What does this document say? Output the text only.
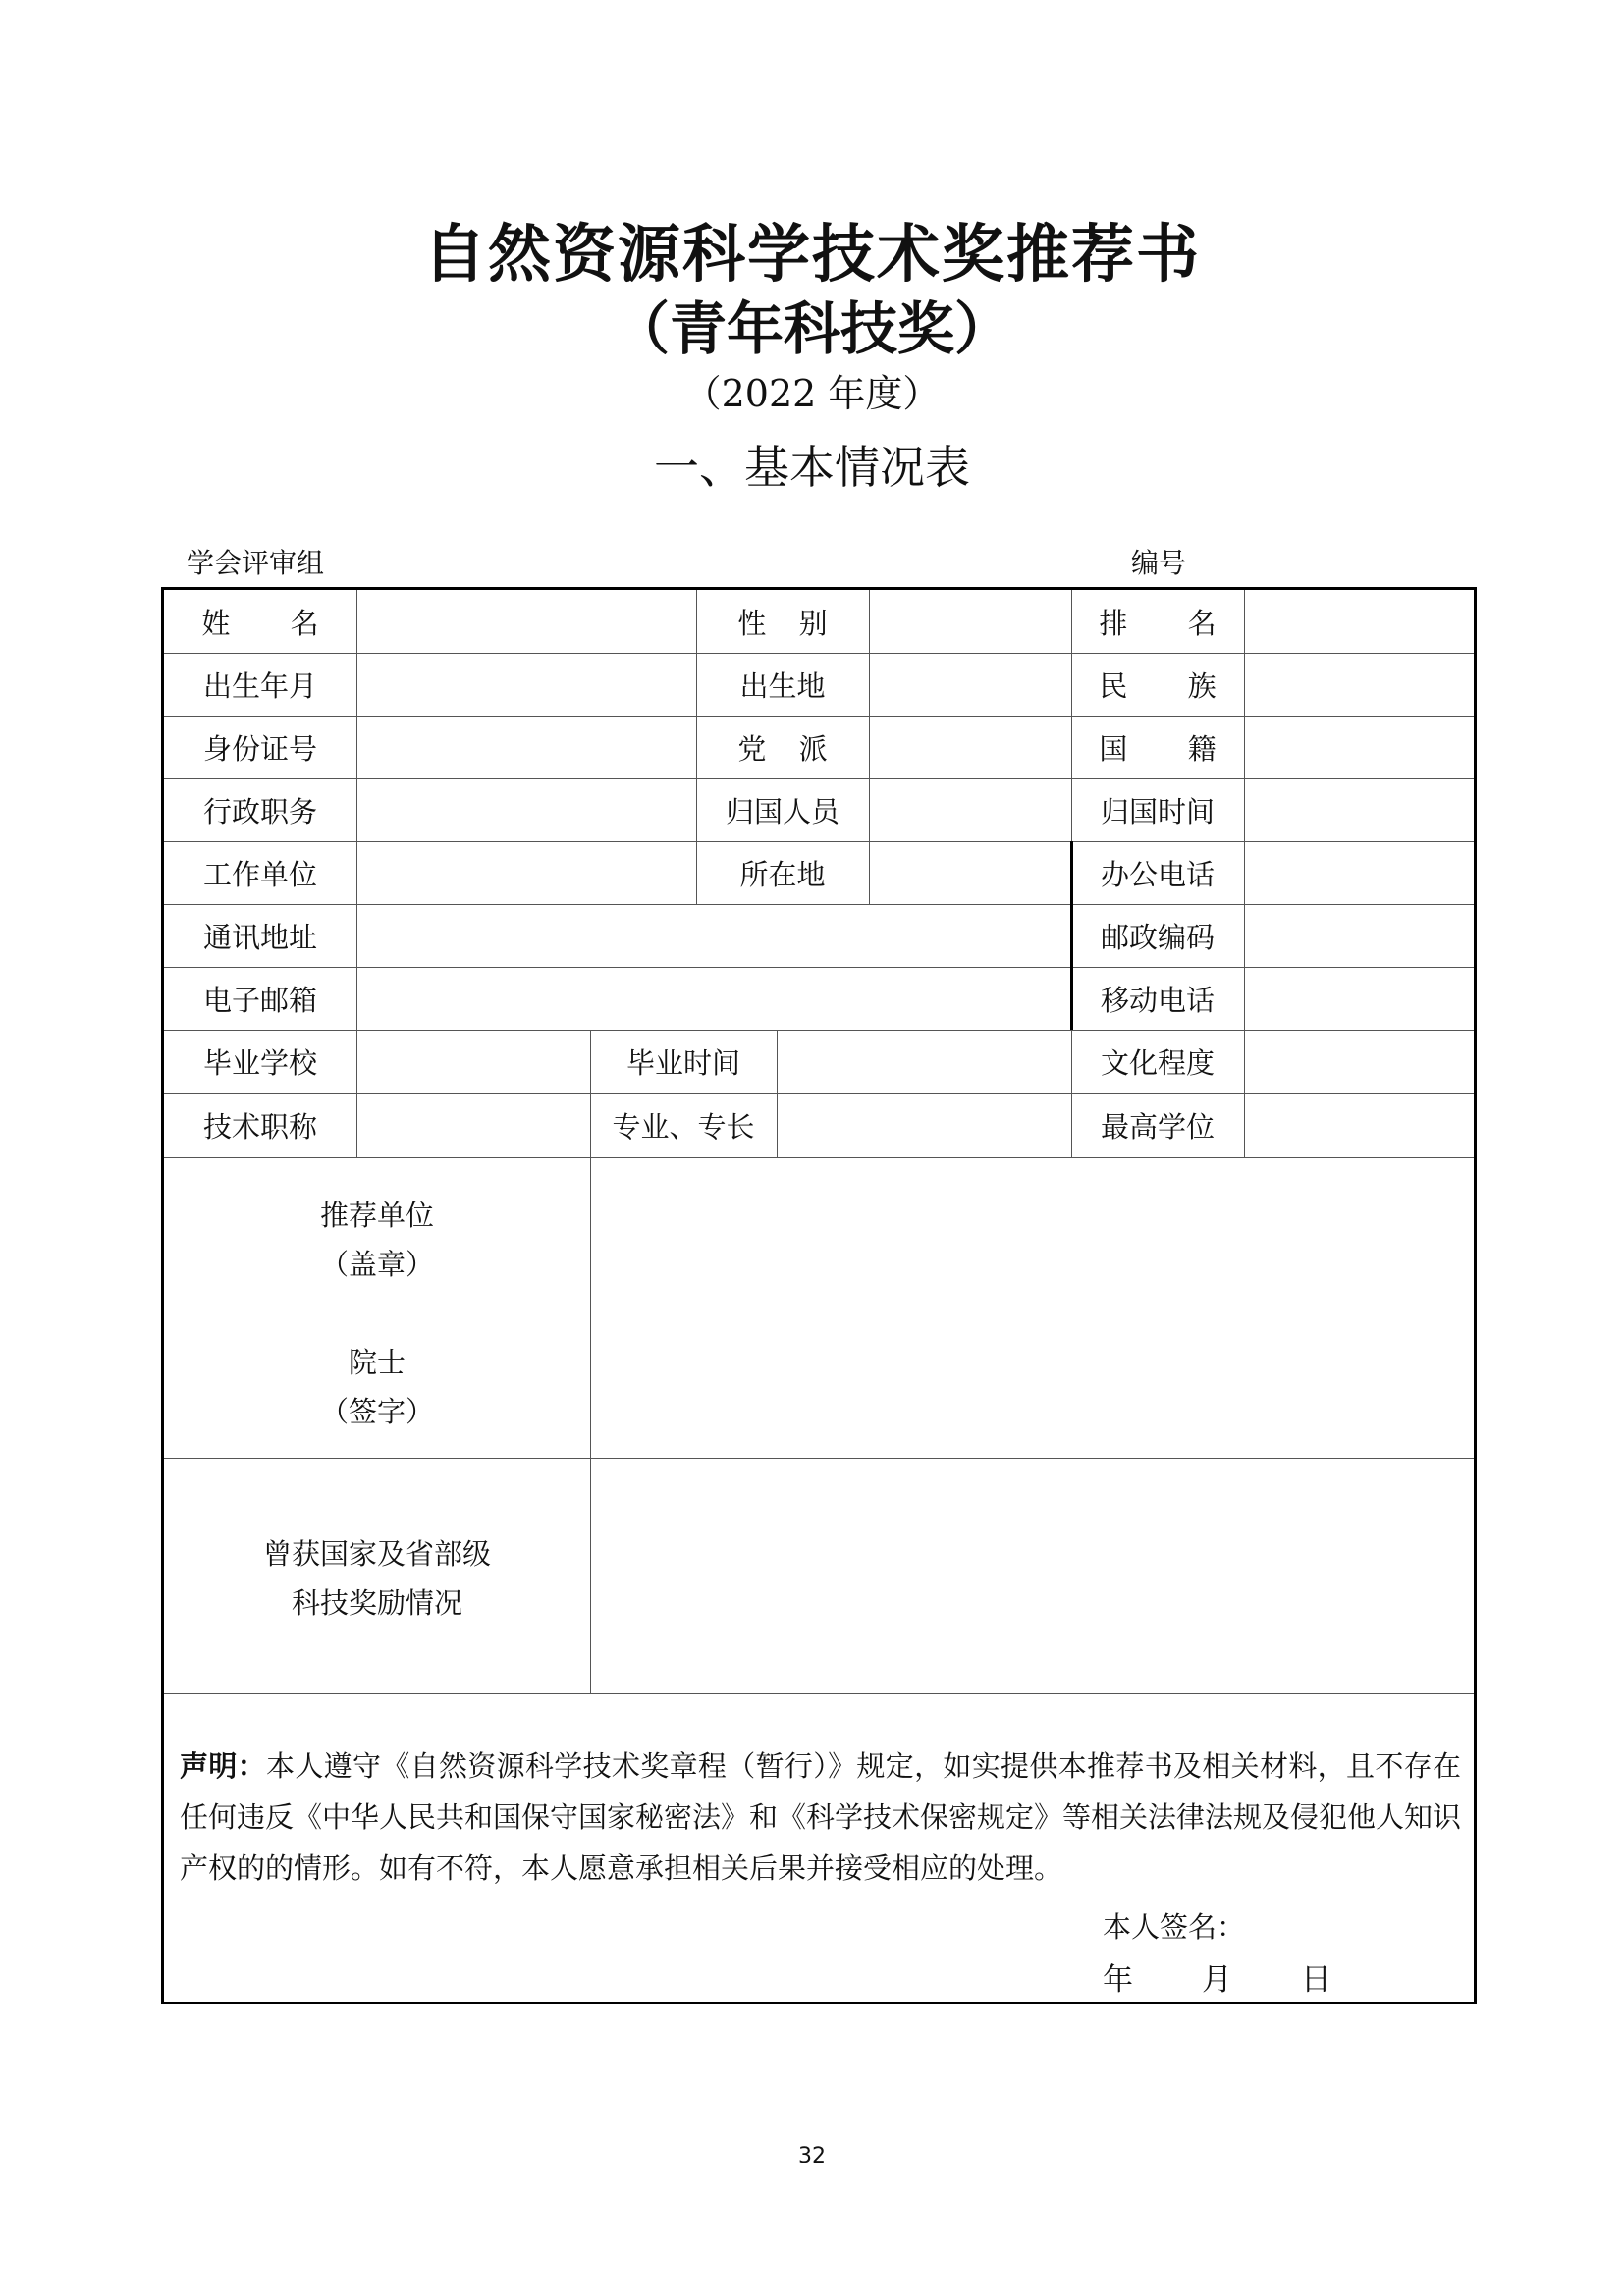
自然资源科学技术奖推荐书
（青年科技奖）
（2022 年度）
一、基本情况表
学会评审组	编号
姓 名	性 别	排 名
出生年月	出生地	民 族
身份证号	党 派	国 籍
行政职务	归国人员	归国时间
工作单位	所在地	办公电话
通讯地址	邮政编码
电子邮箱	移动电话
毕业学校	毕业时间	文化程度
技术职称	专业、专长	最高学位
推荐单位
（盖章）
院士
（签字）
曾获国家及省部级
科技奖励情况
声明：本人遵守《自然资源科学技术奖章程（暂行）》规定，如实提供本推荐书及相关材料，且不存在任何违反《中华人民共和国保守国家秘密法》和《科学技术保密规定》等相关法律法规及侵犯他人知识产权的的情形。如有不符，本人愿意承担相关后果并接受相应的处理。
本人签名：
年 月 日
32
